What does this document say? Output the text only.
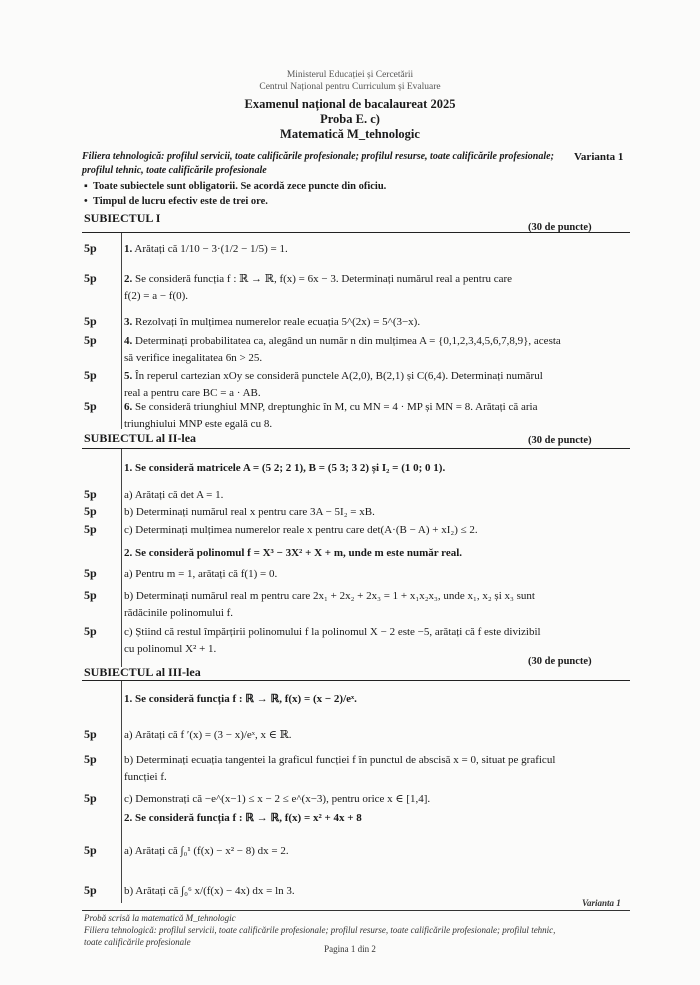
Ministerul Educației și Cercetării
Centrul Național pentru Curriculum și Evaluare
Examenul național de bacalaureat 2025
Proba E. c)
Matematică M_tehnologic
Filiera tehnologică: profilul servicii, toate calificările profesionale; profilul resurse, toate calificările profesionale;	Varianta 1
profilul tehnic, toate calificările profesionale
▪  Toate subiectele sunt obligatorii. Se acordă zece puncte din oficiu.
•  Timpul de lucru efectiv este de trei ore.
SUBIECTUL I
(30 de puncte)
5p 1. Arătați că 1/10 − 3·(1/2 − 1/5) = 1.
5p 2. Se consideră funcția f : ℝ → ℝ, f(x) = 6x − 3. Determinați numărul real a pentru care
f(2) = a − f(0).
5p 3. Rezolvați în mulțimea numerelor reale ecuația 5^(2x) = 5^(3−x).
5p 4. Determinați probabilitatea ca, alegând un număr n din mulțimea A = {0,1,2,3,4,5,6,7,8,9}, acesta
să verifice inegalitatea 6n > 25.
5p 5. În reperul cartezian xOy se consideră punctele A(2,0), B(2,1) și C(6,4). Determinați numărul
real a pentru care BC = a · AB.
5p 6. Se consideră triunghiul MNP, dreptunghic în M, cu MN = 4 · MP și MN = 8. Arătați că aria
triunghiului MNP este egală cu 8.
SUBIECTUL al II-lea	(30 de puncte)
1. Se consideră matricele A = (5 2; 2 1), B = (5 3; 3 2) și I₂ = (1 0; 0 1).
5p a) Arătați că det A = 1.
5p b) Determinați numărul real x pentru care 3A − 5I₂ = xB.
5p c) Determinați mulțimea numerelor reale x pentru care det(A·(B − A) + xI₂) ≤ 2.
2. Se consideră polinomul f = X³ − 3X² + X + m, unde m este număr real.
5p a) Pentru m = 1, arătați că f(1) = 0.
5p b) Determinați numărul real m pentru care 2x₁ + 2x₂ + 2x₃ = 1 + x₁x₂x₃, unde x₁, x₂ și x₃ sunt
rădăcinile polinomului f.
5p c) Știind că restul împărțirii polinomului f la polinomul X − 2 este −5, arătați că f este divizibil
cu polinomul X² + 1.
SUBIECTUL al III-lea
(30 de puncte)
1. Se consideră funcția f : ℝ → ℝ, f(x) = (x − 2)/eˣ.
5p a) Arătați că f ′(x) = (3 − x)/eˣ, x ∈ ℝ.
5p b) Determinați ecuația tangentei la graficul funcției f în punctul de abscisă x = 0, situat pe graficul
funcției f.
5p c) Demonstrați că −e^(x−1) ≤ x − 2 ≤ e^(x−3), pentru orice x ∈ [1,4].
2. Se consideră funcția f : ℝ → ℝ, f(x) = x² + 4x + 8
5p a) Arătați că ∫₀¹ (f(x) − x² − 8) dx = 2.
5p b) Arătați că ∫₀⁶ x/(f(x) − 4x) dx = ln 3.
Varianta 1
Probă scrisă la matematică M_tehnologic
Filiera tehnologică: profilul servicii, toate calificările profesionale; profilul resurse, toate calificările profesionale; profilul tehnic,
toate calificările profesionale
Pagina 1 din 2
